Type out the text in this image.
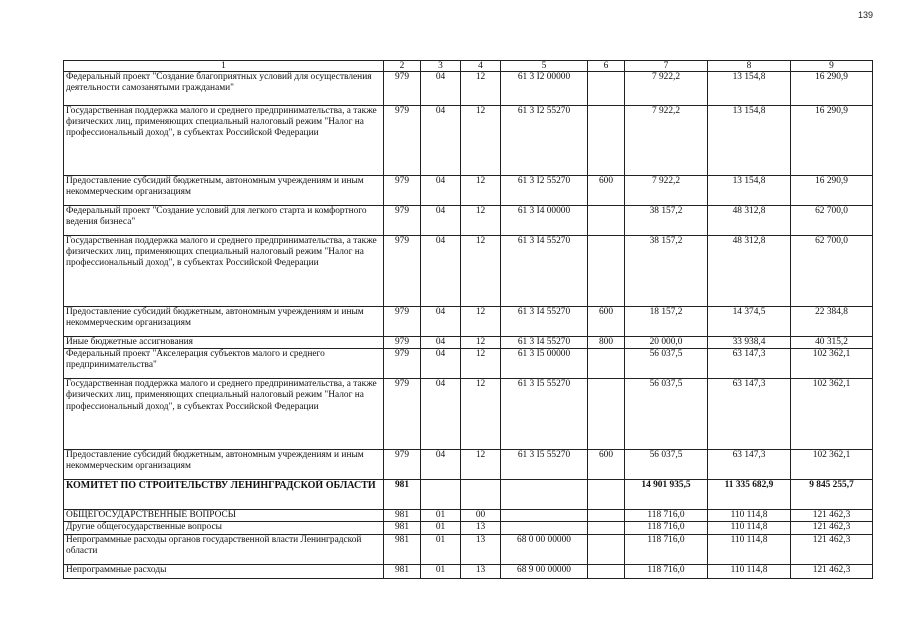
139
1	2	3	4	5	6	7	8	9
Федеральный проект "Создание благоприятных условий для осуществления деятельности самозанятыми гражданами"	979	04	12	61 3 I2 00000		7 922,2	13 154,8	16 290,9
Государственная поддержка малого и среднего предпринимательства, а также физических лиц, применяющих специальный налоговый режим "Налог на профессиональный доход", в субъектах Российской Федерации	979	04	12	61 3 I2 55270		7 922,2	13 154,8	16 290,9
Предоставление субсидий бюджетным, автономным учреждениям и иным некоммерческим организациям	979	04	12	61 3 I2 55270	600	7 922,2	13 154,8	16 290,9
Федеральный проект "Создание условий для легкого старта и комфортного ведения бизнеса"	979	04	12	61 3 I4 00000		38 157,2	48 312,8	62 700,0
Государственная поддержка малого и среднего предпринимательства, а также физических лиц, применяющих специальный налоговый режим "Налог на профессиональный доход", в субъектах Российской Федерации	979	04	12	61 3 I4 55270		38 157,2	48 312,8	62 700,0
Предоставление субсидий бюджетным, автономным учреждениям и иным некоммерческим организациям	979	04	12	61 3 I4 55270	600	18 157,2	14 374,5	22 384,8
Иные бюджетные ассигнования	979	04	12	61 3 I4 55270	800	20 000,0	33 938,4	40 315,2
Федеральный проект "Акселерация субъектов малого и среднего предпринимательства"	979	04	12	61 3 I5 00000		56 037,5	63 147,3	102 362,1
Государственная поддержка малого и среднего предпринимательства, а также физических лиц, применяющих специальный налоговый режим "Налог на профессиональный доход", в субъектах Российской Федерации	979	04	12	61 3 I5 55270		56 037,5	63 147,3	102 362,1
Предоставление субсидий бюджетным, автономным учреждениям и иным некоммерческим организациям	979	04	12	61 3 I5 55270	600	56 037,5	63 147,3	102 362,1
КОМИТЕТ ПО СТРОИТЕЛЬСТВУ ЛЕНИНГРАДСКОЙ ОБЛАСТИ	981					14 901 935,5	11 335 682,9	9 845 255,7
ОБЩЕГОСУДАРСТВЕННЫЕ ВОПРОСЫ	981	01	00			118 716,0	110 114,8	121 462,3
Другие общегосударственные вопросы	981	01	13			118 716,0	110 114,8	121 462,3
Непрограммные расходы органов государственной власти Ленинградской области	981	01	13	68 0 00 00000		118 716,0	110 114,8	121 462,3
Непрограммные расходы	981	01	13	68 9 00 00000		118 716,0	110 114,8	121 462,3
